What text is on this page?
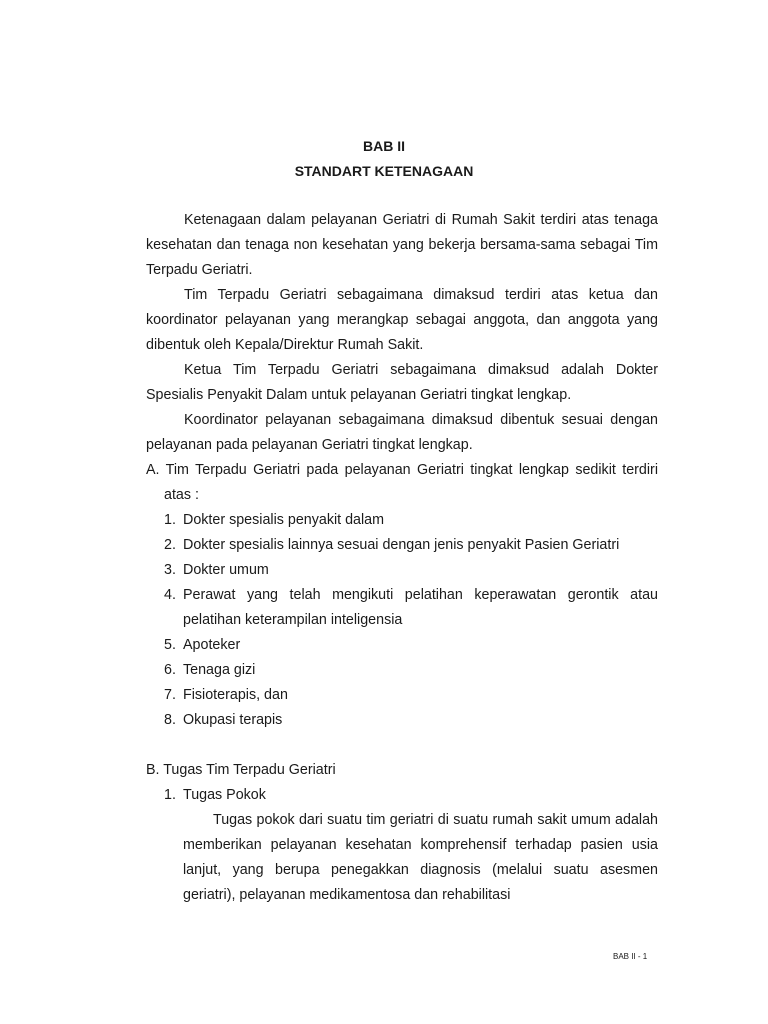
BAB II
STANDART KETENAGAAN

Ketenagaan dalam pelayanan Geriatri di Rumah Sakit terdiri atas tenaga kesehatan dan tenaga non kesehatan yang bekerja bersama-sama sebagai Tim Terpadu Geriatri.

Tim Terpadu Geriatri sebagaimana dimaksud terdiri atas ketua dan koordinator pelayanan yang merangkap sebagai anggota, dan anggota yang dibentuk oleh Kepala/Direktur Rumah Sakit.

Ketua Tim Terpadu Geriatri sebagaimana dimaksud adalah Dokter Spesialis Penyakit Dalam untuk pelayanan Geriatri tingkat lengkap.

Koordinator pelayanan sebagaimana dimaksud dibentuk sesuai dengan pelayanan pada pelayanan Geriatri tingkat lengkap.

A. Tim Terpadu Geriatri pada pelayanan Geriatri tingkat lengkap sedikit terdiri atas :

1. Dokter spesialis penyakit dalam
2. Dokter spesialis lainnya sesuai dengan jenis penyakit Pasien Geriatri
3. Dokter umum
4. Perawat yang telah mengikuti pelatihan keperawatan gerontik atau pelatihan keterampilan inteligensia
5. Apoteker
6. Tenaga gizi
7. Fisioterapis, dan
8. Okupasi terapis

B. Tugas Tim Terpadu Geriatri

1. Tugas Pokok

Tugas pokok dari suatu tim geriatri di suatu rumah sakit umum adalah memberikan pelayanan kesehatan komprehensif terhadap pasien usia lanjut, yang berupa penegakkan diagnosis (melalui suatu asesmen geriatri), pelayanan medikamentosa dan rehabilitasi

BAB II - 1
